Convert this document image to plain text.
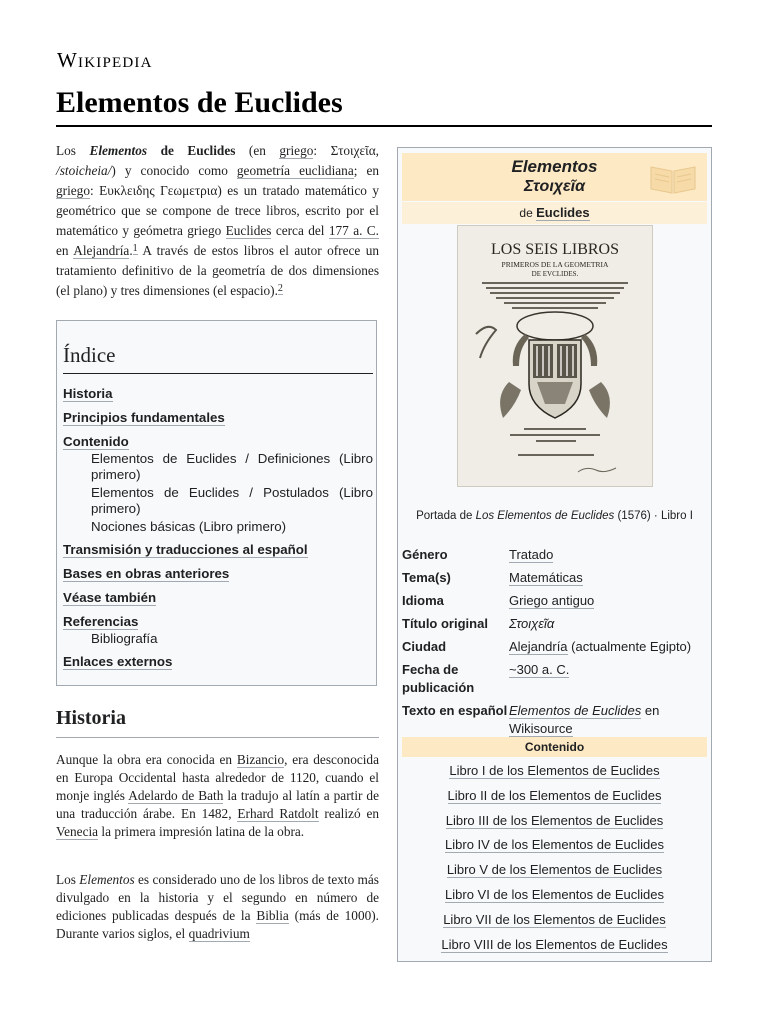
Wikipedia
Elementos de Euclides

Los Elementos de Euclides (en griego: Στοιχεῖα, /stoicheia/) y conocido como geometría euclidiana; en griego: Ευκλειδης Γεωμετρια) es un tratado matemático y geométrico que se compone de trece libros, escrito por el matemático y geómetra griego Euclides cerca del 177 a. C. en Alejandría.$^1$ A través de estos libros el autor ofrece un tratamiento definitivo de la geometría de dos dimensiones (el plano) y tres dimensiones (el espacio).$^2$

Índice
Historia
Principios fundamentales
Contenido
Elementos de Euclides / Definiciones (Libro primero)
Elementos de Euclides / Postulados (Libro primero)
Nociones básicas (Libro primero)
Transmisión y traducciones al español
Bases en obras anteriores
Véase también
Referencias
Bibliografía
Enlaces externos
Historia

Aunque la obra era conocida en Bizancio, era desconocida en Europa Occidental hasta alrededor de 1120, cuando el monje inglés Adelardo de Bath la tradujo al latín a partir de una traducción árabe. En 1482, Erhard Ratdolt realizó en Venecia la primera impresión latina de la obra.

Los Elementos es considerado uno de los libros de texto más divulgado en la historia y el segundo en número de ediciones publicadas después de la Biblia (más de 1000). Durante varios siglos, el quadrivium

Elementos
Στοιχεῖα
de Euclides
LOS SEIS LIBROS
PRIMEROS DE LA GEOMETRIA
DE EVCLIDES.
Portada de Los Elementos de Euclides (1576) · Libro I
Género	Tratado
Tema(s)	Matemáticas
Idioma	Griego antiguo
Título original	Στοιχεῖα
Ciudad	Alejandría (actualmente Egipto)
Fecha de publicación	~300 a. C.
Texto en español	Elementos de Euclides en Wikisource
Contenido
Libro I de los Elementos de Euclides
Libro II de los Elementos de Euclides
Libro III de los Elementos de Euclides
Libro IV de los Elementos de Euclides
Libro V de los Elementos de Euclides
Libro VI de los Elementos de Euclides
Libro VII de los Elementos de Euclides
Libro VIII de los Elementos de Euclides
